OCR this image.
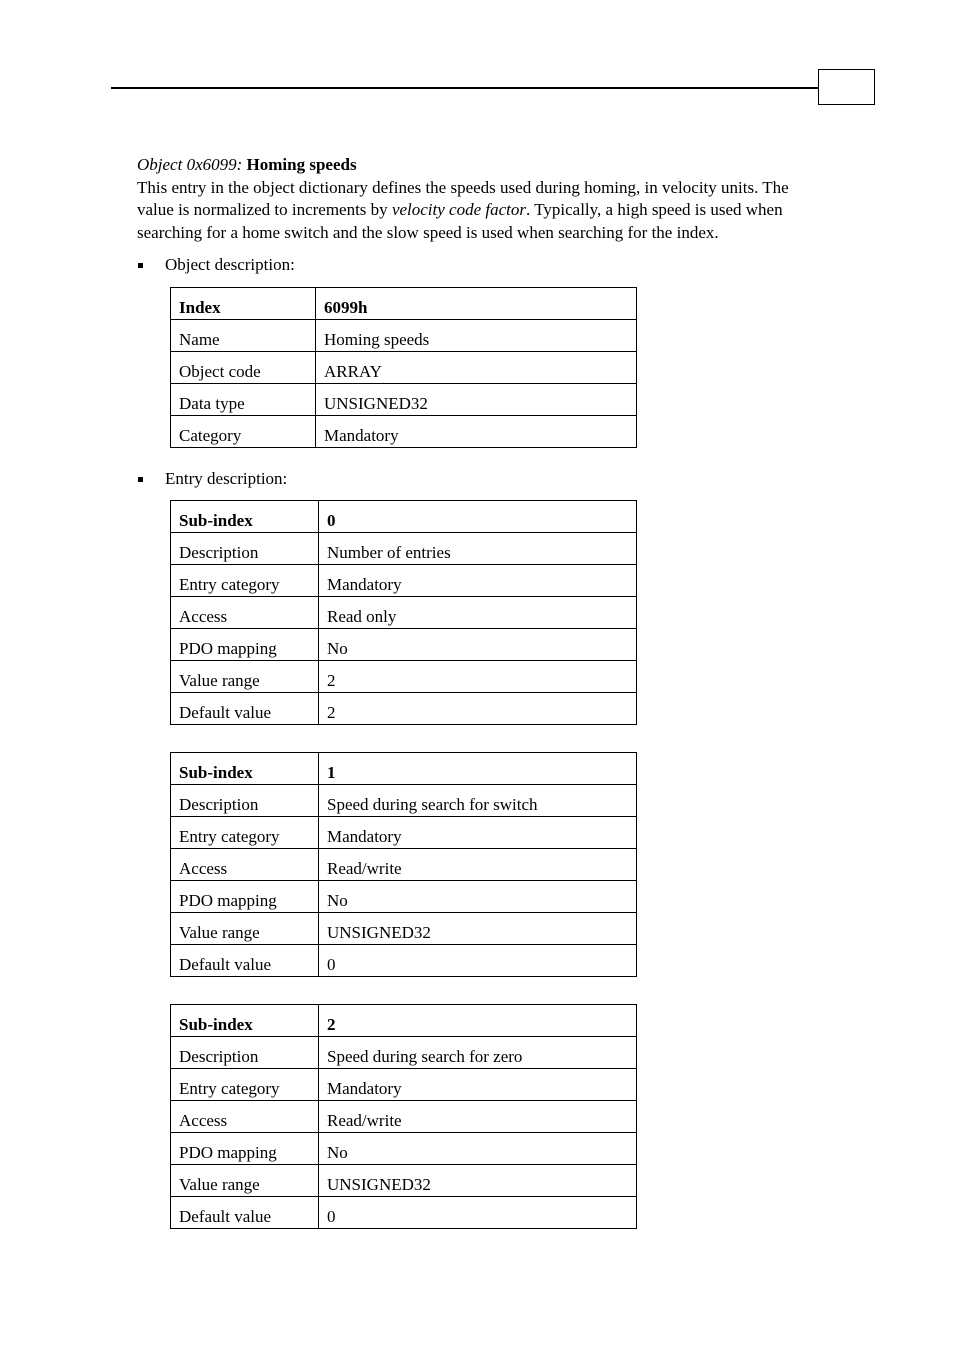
Object 0x6099: Homing speeds

This entry in the object dictionary defines the speeds used during homing, in velocity units. The value is normalized to increments by velocity code factor. Typically, a high speed is used when searching for a home switch and the slow speed is used when searching for the index.

Object description:

Index	6099h
Name	Homing speeds
Object code	ARRAY
Data type	UNSIGNED32
Category	Mandatory

Entry description:

Sub-index	0
Description	Number of entries
Entry category	Mandatory
Access	Read only
PDO mapping	No
Value range	2
Default value	2
Sub-index	1
Description	Speed during search for switch
Entry category	Mandatory
Access	Read/write
PDO mapping	No
Value range	UNSIGNED32
Default value	0
Sub-index	2
Description	Speed during search for zero
Entry category	Mandatory
Access	Read/write
PDO mapping	No
Value range	UNSIGNED32
Default value	0
